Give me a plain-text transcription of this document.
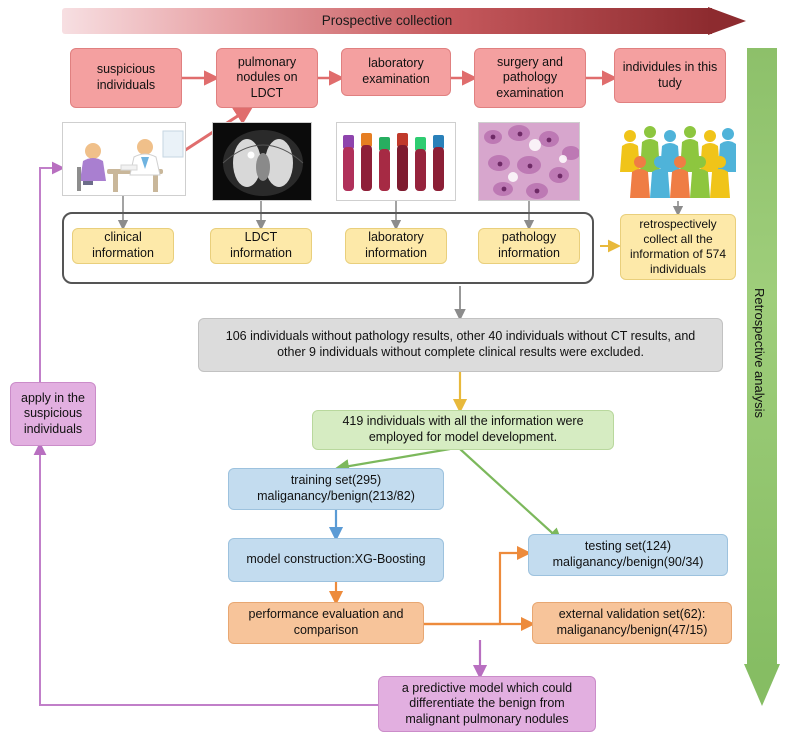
Prospective collection
Retrospective analysis
suspicious individuals
pulmonary nodules on LDCT
laboratory examination
surgery and pathology examination
individules in this tudy
clinical information
LDCT information
laboratory information
pathology information
retrospectively collect all the information of 574 individuals
106 individuals without pathology results, other 40 individuals without CT results, and other 9 individuals without complete clinical results were excluded.
419 individuals with all the information were employed for model development.
training set(295) maliganancy/benign(213/82)
testing set(124) maliganancy/benign(90/34)
model construction:XG-Boosting
performance evaluation and comparison
external validation set(62): maliganancy/benign(47/15)
a predictive model which could differentiate the benign from malignant pulmonary nodules
apply in the suspicious individuals
